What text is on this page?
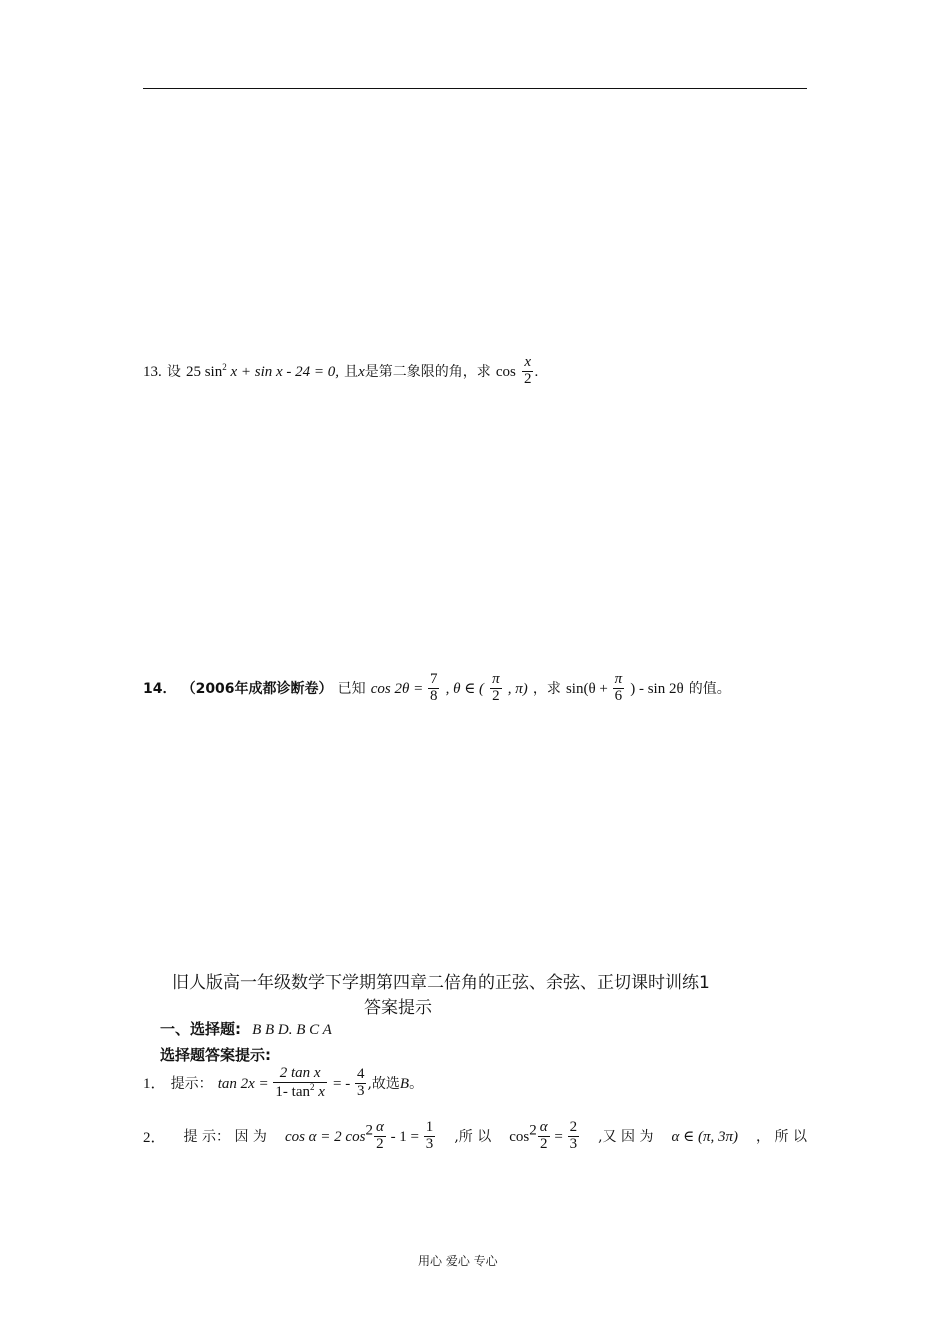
13. 设 25 $\sin^2 x + \sin x - 24 = 0$, 且x是第二象限的角，求 $\cos \frac{x}{2}$ .
14． （2006年成都诊断卷） 已知 $\cos 2\theta = \frac{7}{8}$ , θ ∈ ( $\frac{\pi}{2}$ , π) ，求 $\sin(\theta + \frac{\pi}{6}$ ) - sin 2θ 的值。
旧人版高一年级数学下学期第四章二倍角的正弦、余弦、正切课时训练1
答案提示
一、选择题: B B D. B C A
选择题答案提示:
1． 提示： $\tan 2x = \frac{\text{2 tan x}}{1- \tan^2 x}$ = - $\frac{4}{3}$ ,故选B。
2． 提 示： 因 为 cos α = 2 $\cos^2 \frac{\alpha}{2} - 1 = \frac{1}{3}$ ,所 以 $\cos^2 \frac{\alpha}{2} = \frac{2}{3}$ ,又 因 为 α ∈ (π, 3π) ， 所 以
用心 爱心 专心
